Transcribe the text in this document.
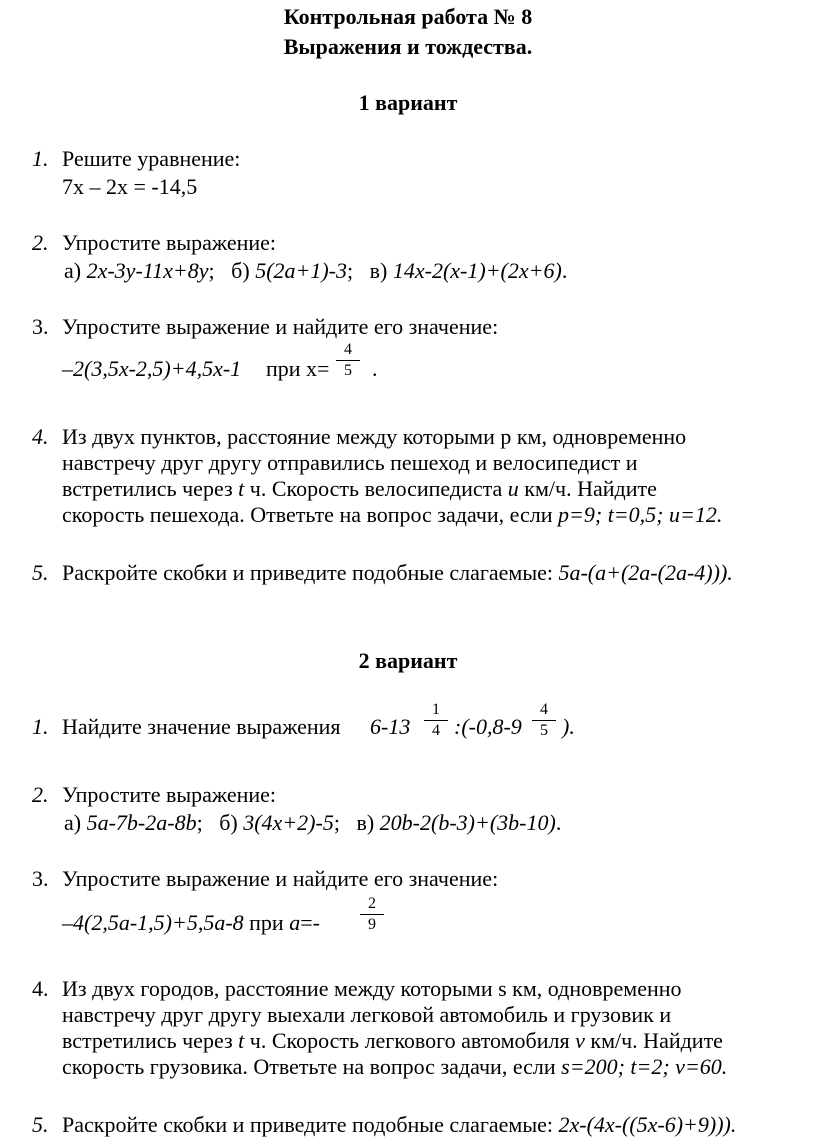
Контрольная работа № 8
Выражения и тождества.
1 вариант
1. Решите уравнение:
7x – 2x = -14,5
2. Упростите выражение:
а) 2x-3y-11x+8y; б) 5(2a+1)-3; в) 14x-2(x-1)+(2x+6).
3. Упростите выражение и найдите его значение:
–2(3,5x-2,5)+4,5x-1 при х=
4
5 .
4. Из двух пунктов, расстояние между которыми р км, одновременно
навстречу друг другу отправились пешеход и велосипедист и
встретились через t ч. Скорость велосипедиста u км/ч. Найдите
скорость пешехода. Ответьте на вопрос задачи, если p=9; t=0,5; u=12.
5. Раскройте скобки и приведите подобные слагаемые: 5a-(a+(2a-(2a-4))).
2 вариант
1. Найдите значение выражения 6-13
1
4 :(-0,8-9
4
5 ).
2. Упростите выражение:
а) 5a-7b-2a-8b; б) 3(4x+2)-5; в) 20b-2(b-3)+(3b-10).
3. Упростите выражение и найдите его значение:
–4(2,5a-1,5)+5,5a-8 при a=-
2
9
4. Из двух городов, расстояние между которыми s км, одновременно
навстречу друг другу выехали легковой автомобиль и грузовик и
встретились через t ч. Скорость легкового автомобиля v км/ч. Найдите
скорость грузовика. Ответьте на вопрос задачи, если s=200; t=2; v=60.
5. Раскройте скобки и приведите подобные слагаемые: 2x-(4x-((5x-6)+9))).
